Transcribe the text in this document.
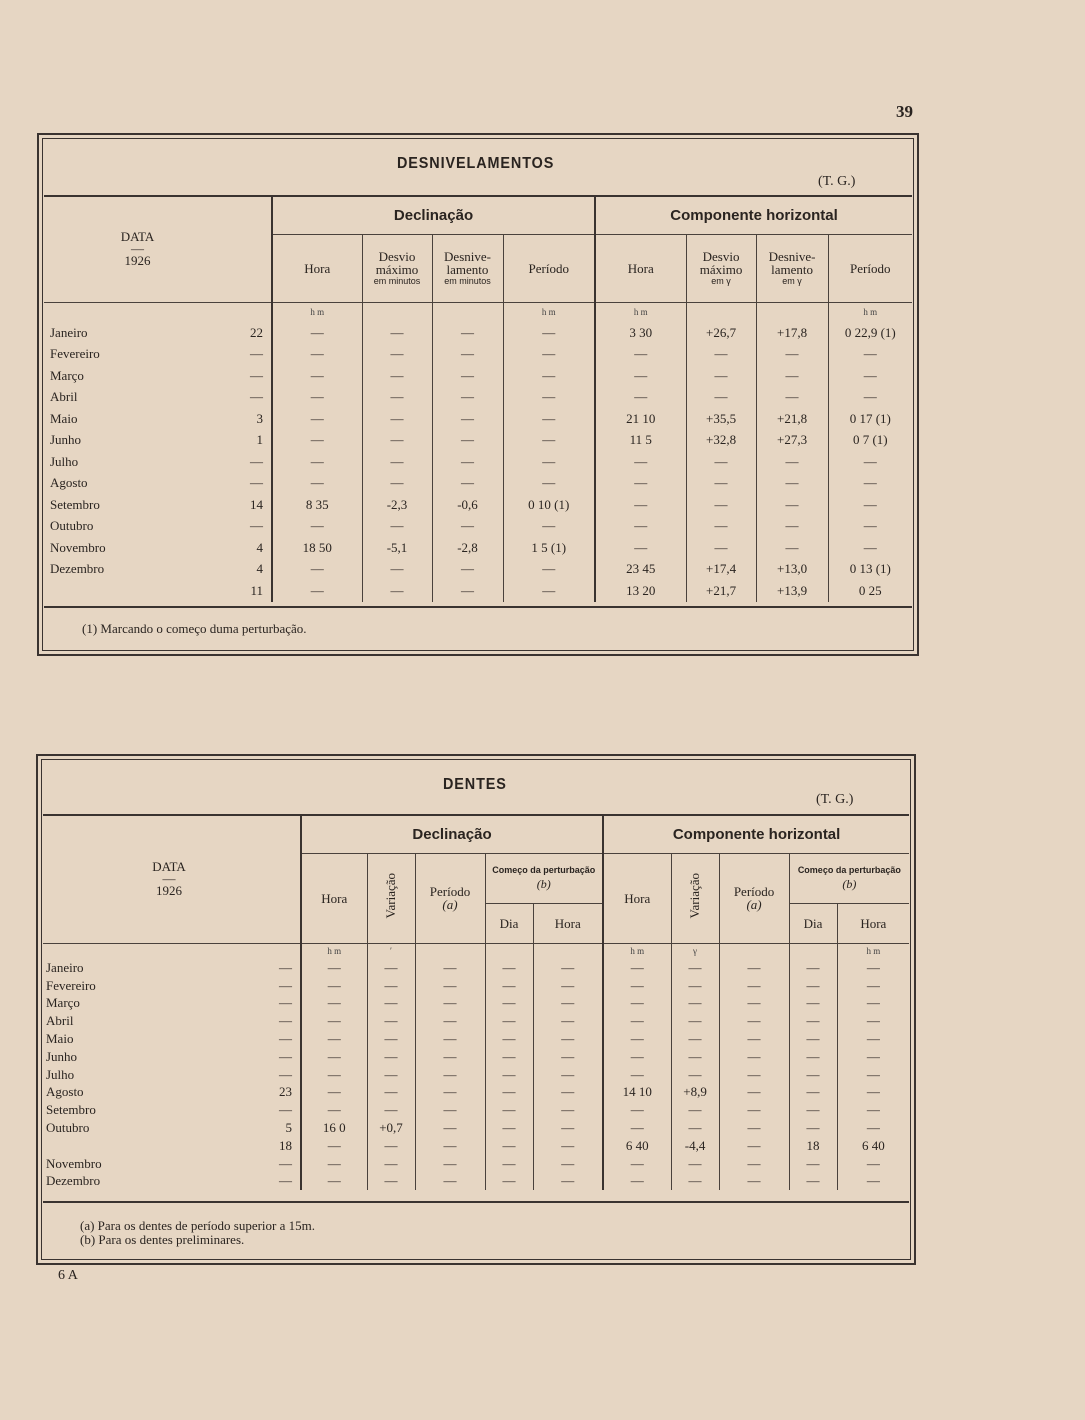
39
DESNIVELAMENTOS
(T. G.)
DATA
—
1926	Declinação				Componente horizontal			
	Hora	Desvio máximo
em minutos	Desnive-lamento
em minutos	Período	Hora	Desvio máximo
em γ	Desnive-lamento
em γ	Período
	h m			h m	h m			h m
Janeiro 22	—	—	—	—	3 30	+26,7	+17,8	0 22,9 (1)
Fevereiro —	—	—	—	—	—	—	—	—
Março —	—	—	—	—	—	—	—	—
Abril —	—	—	—	—	—	—	—	—
Maio 3	—	—	—	—	21 10	+35,5	+21,8	0 17 (1)
Junho 1	—	—	—	—	11 5	+32,8	+27,3	0 7 (1)
Julho —	—	—	—	—	—	—	—	—
Agosto —	—	—	—	—	—	—	—	—
Setembro 14	8 35	-2,3	-0,6	0 10 (1)	—	—	—	—
Outubro —	—	—	—	—	—	—	—	—
Novembro 4	18 50	-5,1	-2,8	1 5 (1)	—	—	—	—
Dezembro 4	—	—	—	—	23 45	+17,4	+13,0	0 13 (1)

11	—	—	—	—	13 20	+21,7	+13,9	0 25
(1) Marcando o começo duma perturbação.
DENTES
(T. G.)
DATA
—
1926	Declinação					Componente horizontal				
	Hora	Variação	Período
(a)	Começo da perturbação
(b)		Hora	Variação	Período
(a)	Começo da perturbação
(b)	
				Dia	Hora				Dia	Hora
	h m	′				h m	γ			h m
Janeiro —	—	—	—	—	—	—	—	—	—	—
Fevereiro —	—	—	—	—	—	—	—	—	—	—
Março —	—	—	—	—	—	—	—	—	—	—
Abril —	—	—	—	—	—	—	—	—	—	—
Maio —	—	—	—	—	—	—	—	—	—	—
Junho —	—	—	—	—	—	—	—	—	—	—
Julho —	—	—	—	—	—	—	—	—	—	—
Agosto 23	—	—	—	—	—	14 10	+8,9	—	—	—
Setembro —	—	—	—	—	—	—	—	—	—	—
Outubro 5	16 0	+0,7	—	—	—	—	—	—	—	—

18	—	—	—	—	—	6 40	-4,4	—	18	6 40
Novembro —	—	—	—	—	—	—	—	—	—	—
Dezembro —	—	—	—	—	—	—	—	—	—	—
(a) Para os dentes de período superior a 15m.
(b) Para os dentes preliminares.
6 A
